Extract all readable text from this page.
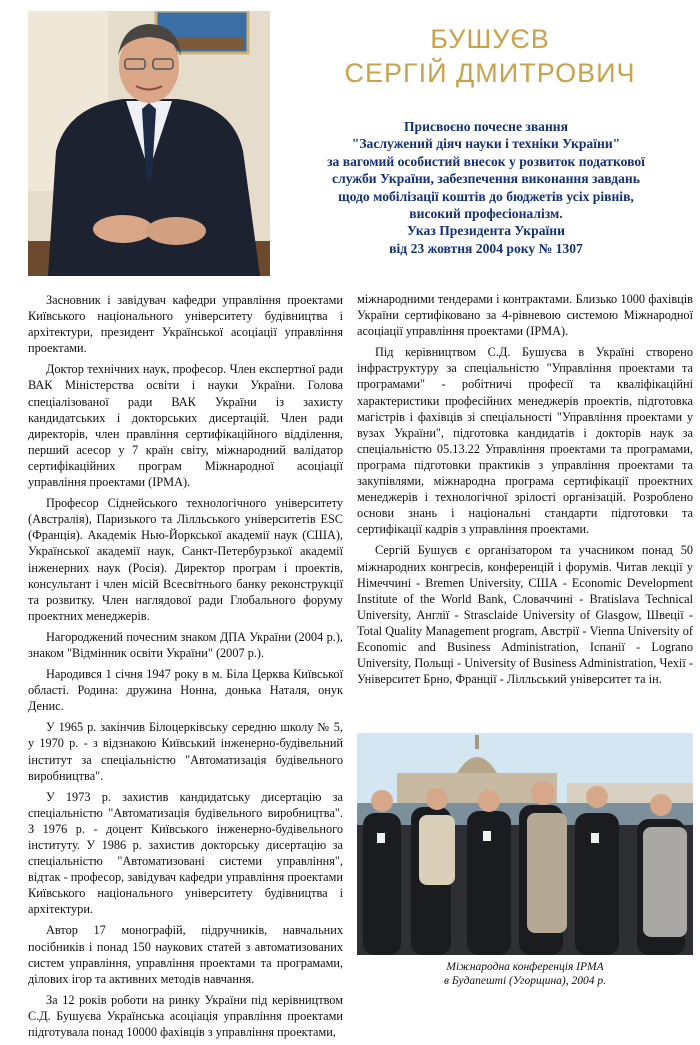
БУШУЄВ
СЕРГІЙ ДМИТРОВИЧ
Присвоєно почесне звання
"Заслужений діяч науки і техніки України"
за вагомий особистий внесок у розвиток податкової
служби України, забезпечення виконання завдань
щодо мобілізації коштів до бюджетів усіх рівнів,
високий професіоналізм.
Указ Президента України
від 23 жовтня 2004 року № 1307

Засновник і завідувач кафедри управління проектами Київського національного університету будівництва і архітектури, президент Української асоціації управління проектами.

Доктор технічних наук, професор. Член експертної ради ВАК Міністерства освіти і науки України. Голова спеціалізованої ради ВАК України із захисту кандидатських і докторських дисертацій. Член ради директорів, член правління сертифікаційного відділення, перший асесор у 7 країн світу, міжнародний валідатор сертифікаційних програм Міжнародної асоціації управління проектами (IPMA).

Професор Сіднейського технологічного університету (Австралія), Паризького та Лілльського університетів ESC (Франція). Академік Нью-Йоркської академії наук (США), Української академії наук, Санкт-Петербурзької академії інженерних наук (Росія). Директор програм і проектів, консультант і член місій Всесвітнього банку реконструкції та розвитку. Член наглядової ради Глобального форуму проектних менеджерів.

Нагороджений почесним знаком ДПА України (2004 р.), знаком "Відмінник освіти України" (2007 р.).

Народився 1 січня 1947 року в м. Біла Церква Київської області. Родина: дружина Нонна, донька Наталя, онук Денис.

У 1965 р. закінчив Білоцерківську середню школу № 5, у 1970 р. - з відзнакою Київський інженерно-будівельний інститут за спеціальністю "Автоматизація будівельного виробництва".

У 1973 р. захистив кандидатську дисертацію за спеціальністю "Автоматизація будівельного виробництва". З 1976 р. - доцент Київського інженерно-будівельного інституту. У 1986 р. захистив докторську дисертацію за спеціальністю "Автоматизовані системи управління", відтак - професор, завідувач кафедри управління проектами Київського національного університету будівництва і архітектури.

Автор 17 монографій, підручників, навчальних посібників і понад 150 наукових статей з автоматизованих систем управління, управління проектами та програмами, ділових ігор та активних методів навчання.

За 12 років роботи на ринку України під керівництвом С.Д. Бушуєва Українська асоціація управління проектами підготувала понад 10000 фахівців з управління проектами,

міжнародними тендерами і контрактами. Близько 1000 фахівців України сертифіковано за 4-рівневою системою Міжнародної асоціації управління проектами (IPMA).

Під керівництвом С.Д. Бушуєва в Україні створено інфраструктуру за спеціальністю "Управління проектами та програмами" - робітничі професії та кваліфікаційні характеристики професійних менеджерів проектів, підготовка магістрів і фахівців зі спеціальності "Управління проектами у вузах України", підготовка кандидатів і докторів наук за спеціальністю 05.13.22 Управління проектами та програмами, програма підготовки практиків з управління проектами та закупівлями, міжнародна програма сертифікації проектних менеджерів і технологічної зрілості організацій. Розроблено основи знань і національні стандарти підготовки та сертифікації кадрів з управління проектами.

Сергій Бушуєв є організатором та учасником понад 50 міжнародних конгресів, конференцій і форумів. Читав лекції у Німеччині - Bremen University, США - Economic Development Institute of the World Bank, Словаччині - Bratislava Technical University, Англії - Strasclaide University of Glasgow, Швеції - Total Quality Management program, Австрії - Vienna University of Economic and Business Administration, Іспанії - Lograno University, Польщі - University of Business Administration, Чехії - Університет Брно, Франції - Лілльський університет та ін.

Міжнародна конференція IPMA
в Будапешті (Угорщина), 2004 р.
